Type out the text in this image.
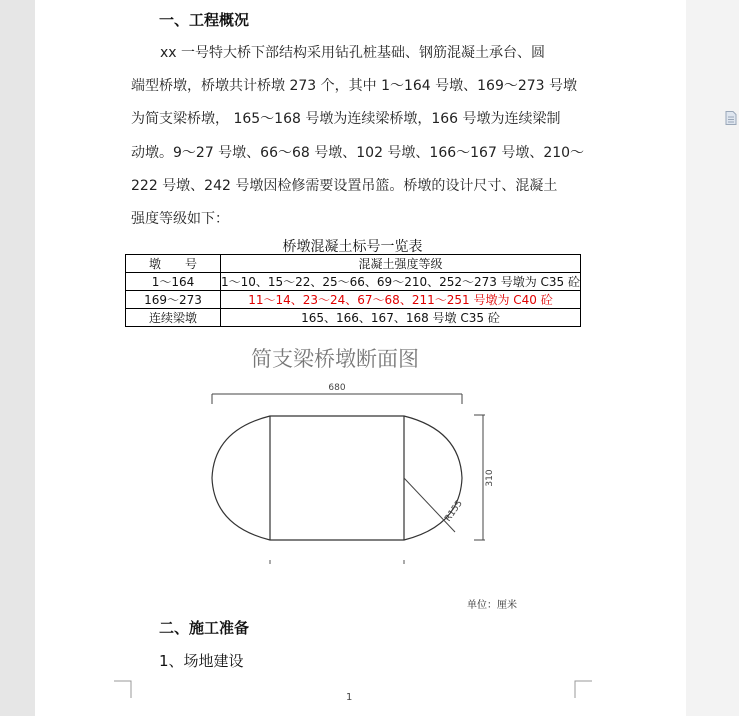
一、工程概况
xx 一号特大桥下部结构采用钻孔桩基础、钢筋混凝土承台、圆
端型桥墩，桥墩共计桥墩 273 个，其中 1～164 号墩、169～273 号墩
为简支梁桥墩， 165～168 号墩为连续梁桥墩，166 号墩为连续梁制
动墩。9～27 号墩、66～68 号墩、102 号墩、166～167 号墩、210～
222 号墩、242 号墩因检修需要设置吊篮。桥墩的设计尺寸、混凝土
强度等级如下：
桥墩混凝土标号一览表
墩　　号	混凝土强度等级
1～164	1～10、15～22、25～66、69～210、252～273 号墩为 C35 砼
169～273	11～14、23～24、67～68、211～251 号墩为 C40 砼
连续梁墩	165、166、167、168 号墩 C35 砼
简支梁桥墩断面图
680
310
R155
单位：厘米
二、施工准备
1、场地建设
1
